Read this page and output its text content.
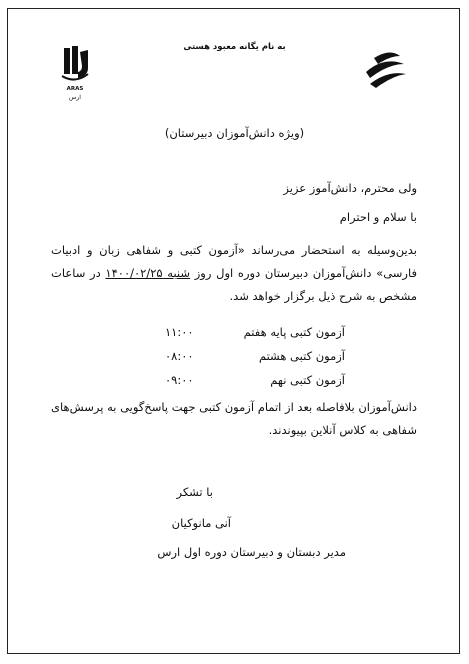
ARAS
ارس
به نام یگانه معبود هستی
(ویژه دانش‌آموزان دبیرستان)
ولی محترم، دانش‌آموز عزیز
با سلام و احترام
بدین‌وسیله به استحضار می‌رساند «آزمون کتبی و شفاهی زبان و ادبیات فارسی» دانش‌آموزان دبیرستان دوره اول روز شنبه ۱۴۰۰/۰۲/۲۵ در ساعات مشخص به شرح ذیل برگزار خواهد شد.
آزمون کتبی پایه هفتم
۱۱:۰۰
آزمون کتبی هشتم
۰۸:۰۰
آزمون کتبی نهم
۰۹:۰۰
دانش‌آموزان بلافاصله بعد از اتمام آزمون کتبی جهت پاسخ‌گویی به پرسش‌های شفاهی به کلاس آنلاین بپیوندند.
با تشکر
آنی مانوکیان
مدیر دبستان و دبیرستان دوره اول ارس
